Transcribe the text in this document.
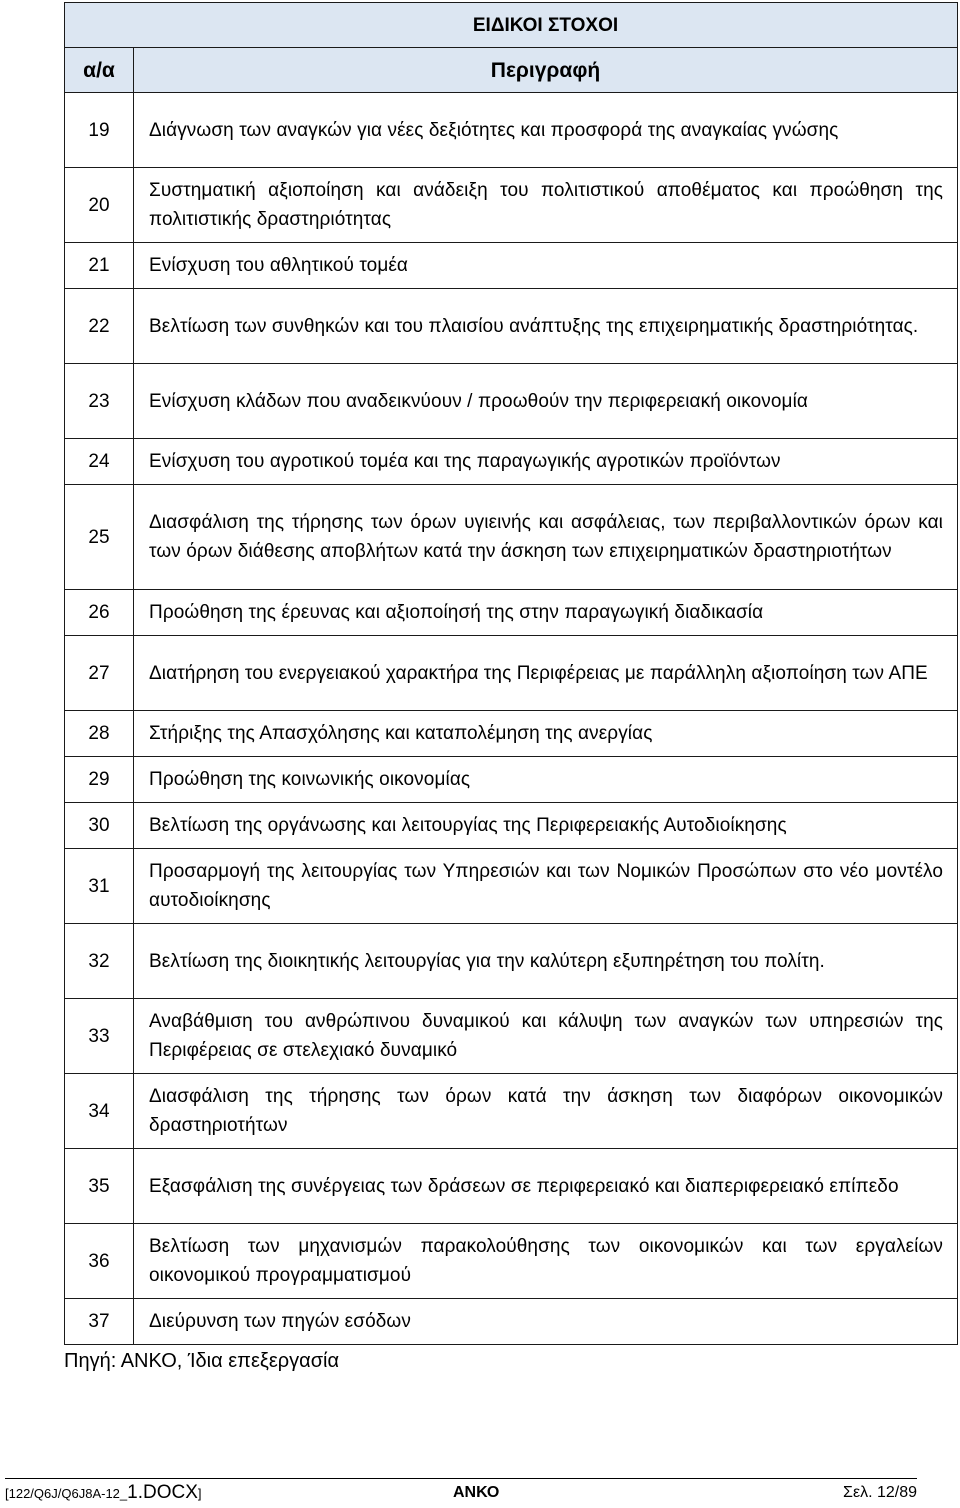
ΕΙΔΙΚΟΙ ΣΤΟΧΟΙ	
α/α	Περιγραφή
19	Διάγνωση των αναγκών για νέες δεξιότητες και προσφορά της αναγκαίας γνώσης
20	Συστηματική αξιοποίηση και ανάδειξη του πολιτιστικού αποθέματος και προώθηση της πολιτιστικής δραστηριότητας
21	Ενίσχυση του αθλητικού τομέα
22	Βελτίωση των συνθηκών και του πλαισίου ανάπτυξης της επιχειρηματικής δραστηριότητας.
23	Ενίσχυση κλάδων που αναδεικνύουν / προωθούν την περιφερειακή οικονομία
24	Ενίσχυση του αγροτικού τομέα και της παραγωγικής αγροτικών προϊόντων
25	Διασφάλιση της τήρησης των όρων υγιεινής και ασφάλειας, των περιβαλλοντικών όρων και των όρων διάθεσης αποβλήτων κατά την άσκηση των επιχειρηματικών δραστηριοτήτων
26	Προώθηση της έρευνας και αξιοποίησή της στην παραγωγική διαδικασία
27	Διατήρηση του ενεργειακού χαρακτήρα της Περιφέρειας με παράλληλη αξιοποίηση των ΑΠΕ
28	Στήριξης της Απασχόλησης και καταπολέμηση της ανεργίας
29	Προώθηση της κοινωνικής οικονομίας
30	Βελτίωση της οργάνωσης και λειτουργίας της Περιφερειακής Αυτοδιοίκησης
31	Προσαρμογή της λειτουργίας των Υπηρεσιών και των Νομικών Προσώπων στο νέο μοντέλο αυτοδιοίκησης
32	Βελτίωση της διοικητικής λειτουργίας για την καλύτερη εξυπηρέτηση του πολίτη.
33	Αναβάθμιση του ανθρώπινου δυναμικού και κάλυψη των αναγκών των υπηρεσιών της Περιφέρειας σε στελεχιακό δυναμικό
34	Διασφάλιση της τήρησης των όρων κατά την άσκηση των διαφόρων οικονομικών δραστηριοτήτων
35	Εξασφάλιση της συνέργειας των δράσεων σε περιφερειακό και διαπεριφερειακό επίπεδο
36	Βελτίωση των μηχανισμών παρακολούθησης των οικονομικών και των εργαλείων οικονομικού προγραμματισμού
37	Διεύρυνση των πηγών εσόδων
Πηγή: ΑΝΚΟ, Ίδια επεξεργασία
[122/Q6J/Q6J8A-12_1.DOCX]	ΑΝΚΟ	Σελ. 12/89
